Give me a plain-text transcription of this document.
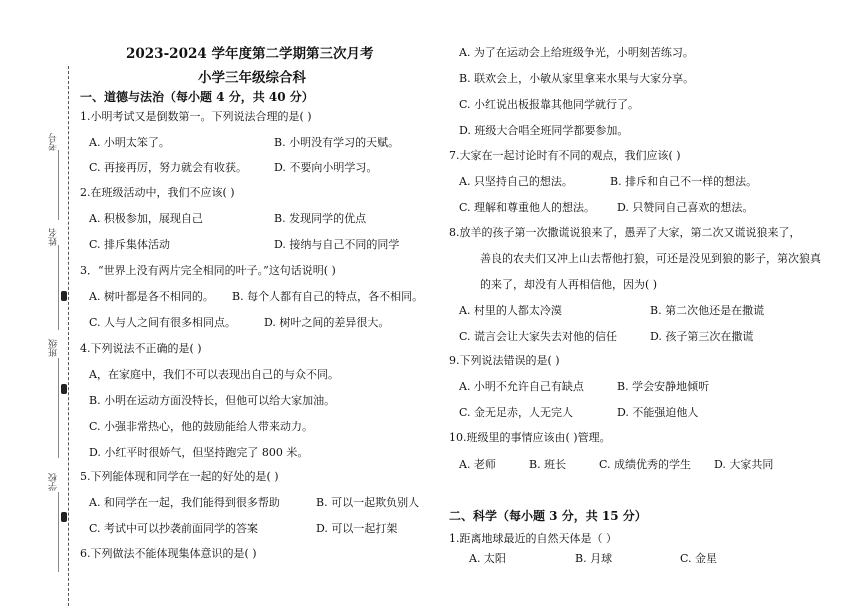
考号
姓名
班级
学校
2023-2024 学年度第二学期第三次月考
小学三年级综合科
一、道德与法治（每小题 4 分，共 40 分）
1.小明考试又是倒数第一。下列说法合理的是( )
A. 小明太笨了。	B. 小明没有学习的天赋。
C. 再接再厉，努力就会有收获。 D. 不要向小明学习。
2.在班级活动中，我们不应该( )
A. 积极参加，展现自己	B. 发现同学的优点
C. 排斥集体活动	D. 接纳与自己不同的同学
3．“世界上没有两片完全相同的叶子。”这句话说明( )
A. 树叶都是各不相同的。 B. 每个人都有自己的特点，各不相同。
C. 人与人之间有很多相同点。	D. 树叶之间的差异很大。
4.下列说法不正确的是( )
A，在家庭中，我们不可以表现出自己的与众不同。
B. 小明在运动方面没特长，但他可以给大家加油。
C. 小强非常热心，他的鼓励能给人带来动力。
D. 小红平时很娇气，但坚持跑完了 800 米。
5.下列能体现和同学在一起的好处的是( )
A. 和同学在一起，我们能得到很多帮助	B. 可以一起欺负别人
C. 考试中可以抄袭前面同学的答案	D. 可以一起打架
6.下列做法不能体现集体意识的是( )
A. 为了在运动会上给班级争光，小明刻苦练习。
B. 联欢会上，小敏从家里拿来水果与大家分享。
C. 小红说出板报靠其他同学就行了。
D. 班级大合唱全班同学都要参加。
7.大家在一起讨论时有不同的观点，我们应该( )
A. 只坚持自己的想法。	B. 排斥和自己不一样的想法。
C. 理解和尊重他人的想法。 D. 只赞同自己喜欢的想法。
8.放羊的孩子第一次撒谎说狼来了，愚弄了大家，第二次又谎说狼来了，
善良的农夫们又冲上山去帮他打狼，可还是没见到狼的影子，第次狼真
的来了，却没有人再相信他，因为( )
A. 村里的人都太冷漠	B. 第二次他还是在撒谎
C. 谎言会让大家失去对他的信任	D. 孩子第三次在撒谎
9.下列说法错误的是( )
A. 小明不允许自己有缺点	B. 学会安静地倾听
C. 金无足赤，人无完人	D. 不能强迫他人
10.班级里的事情应该由( )管理。
A. 老师	B. 班长	C. 成绩优秀的学生 D. 大家共同
二、科学（每小题 3 分，共 15 分）
1.距离地球最近的自然天体是（ ）
A. 太阳	B. 月球	C. 金星
